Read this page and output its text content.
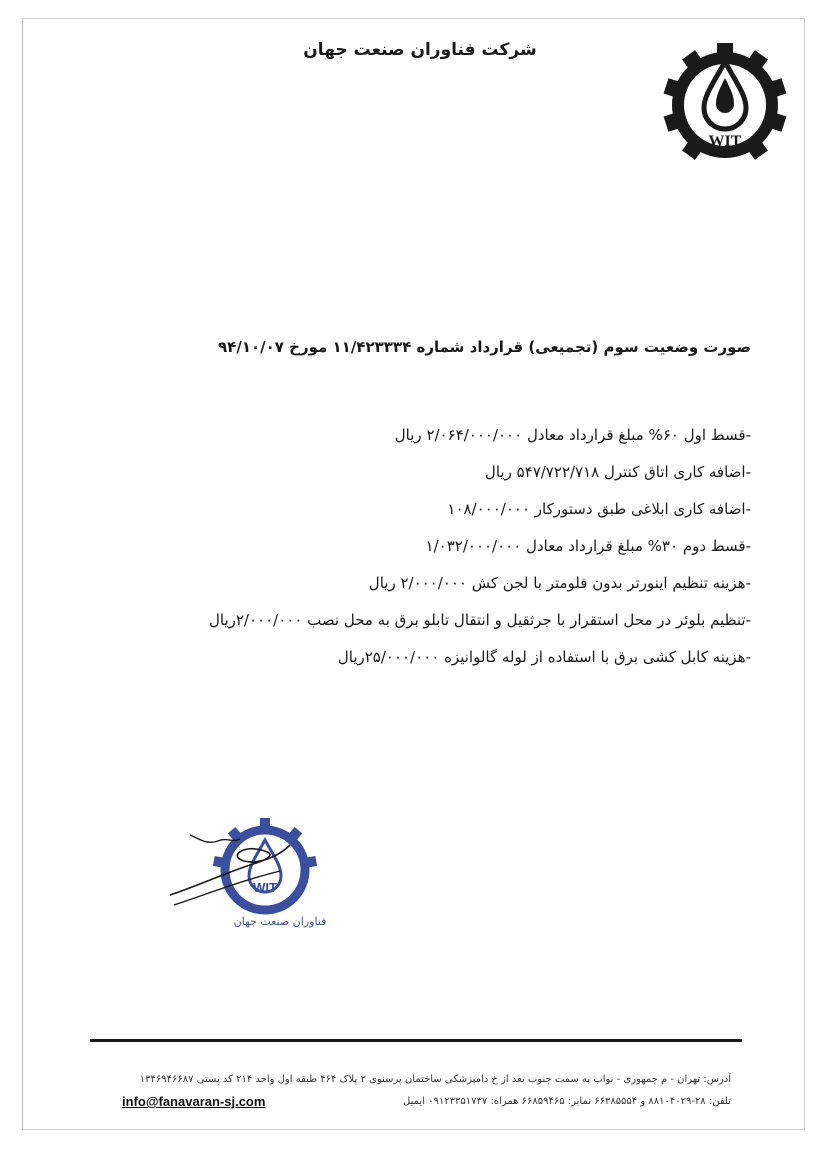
شرکت فناوران صنعت جهان
WIT
صورت وضعیت سوم (تجمیعی) قرارداد شماره ۱۱/۴۲۳۳۳۴ مورخ ۹۴/۱۰/۰۷
-قسط اول ۶۰% مبلغ قرارداد معادل ۲/۰۶۴/۰۰۰/۰۰۰ ریال
-اضافه کاری اتاق کنترل ۵۴۷/۷۲۲/۷۱۸ ریال
-اضافه کاری ابلاغی طبق دستورکار ۱۰۸/۰۰۰/۰۰۰
-قسط دوم ۳۰% مبلغ قرارداد معادل ۱/۰۳۲/۰۰۰/۰۰۰
-هزینه تنظیم اینورتر بدون فلومتر با لجن کش ۲/۰۰۰/۰۰۰ ریال
-تنظیم بلوئر در محل استقرار با جرثقیل و انتقال تابلو برق به محل نصب ۲/۰۰۰/۰۰۰ریال
-هزینه کابل کشی برق با استفاده از لوله گالوانیزه ۲۵/۰۰۰/۰۰۰ریال
WIT
فناوران صنعت جهان
آدرس: تهران - م جمهوری - نواب به سمت جنوب بعد از خ دامپزشکی ساختمان پرسنوی ۲ پلاک ۴۶۴ طبقه اول واحد ۲۱۴ کد پستی ۱۳۴۶۹۴۶۶۸۷
تلفن: ۲۸-۸۸۱۰۴۰۲۹ و ۶۶۳۸۵۵۵۴ نمابر: ۶۶۸۵۹۴۶۵ همراه: ۰۹۱۲۳۳۵۱۷۳۷ ایمیل
info@fanavaran-sj.com
